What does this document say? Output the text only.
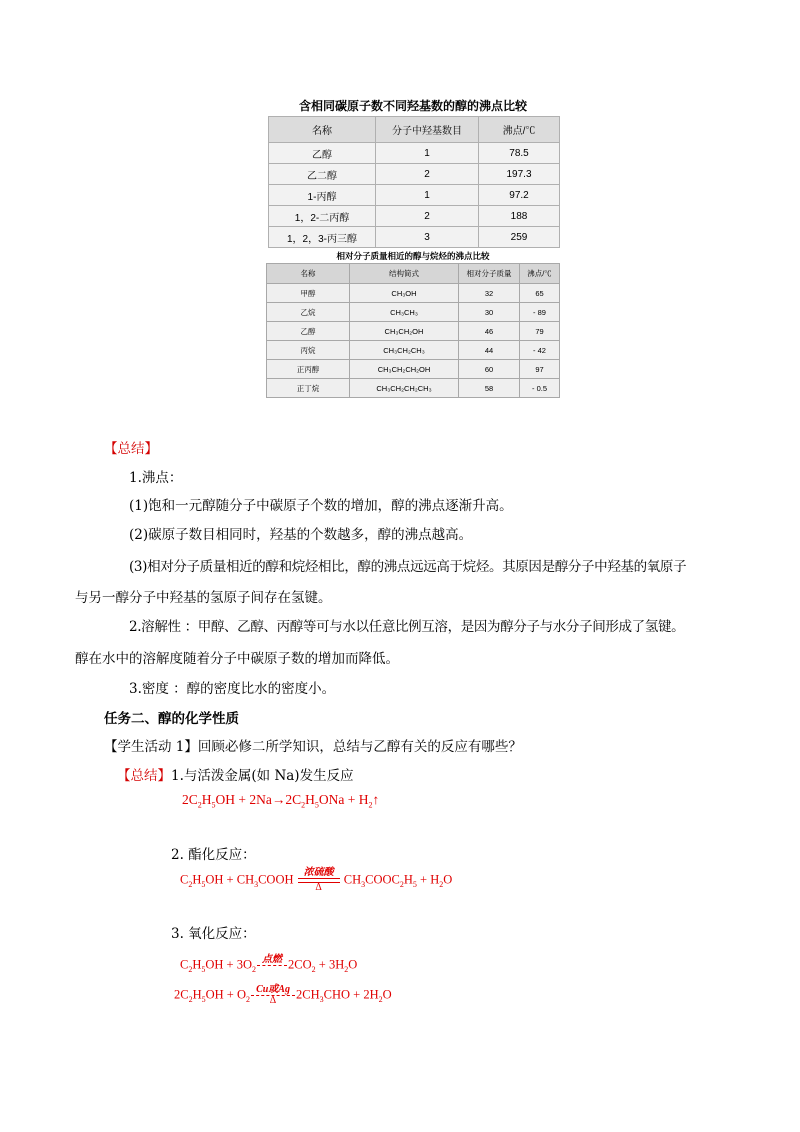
含相同碳原子数不同羟基数的醇的沸点比较
名称	分子中羟基数目	沸点/℃
乙醇	1	78.5
乙二醇	2	197.3
1-丙醇	1	97.2
1，2-二丙醇	2	188
1，2，3-丙三醇	3	259
相对分子质量相近的醇与烷烃的沸点比较
名称	结构简式	相对分子质量	沸点/℃
甲醇	CH₃OH	32	65
乙烷	CH₃CH₃	30	- 89
乙醇	CH₃CH₂OH	46	79
丙烷	CH₃CH₂CH₃	44	- 42
正丙醇	CH₃CH₂CH₂OH	60	97
正丁烷	CH₃CH₂CH₂CH₃	58	- 0.5
【总结】
1.沸点：
(1)饱和一元醇随分子中碳原子个数的增加，醇的沸点逐渐升高。
(2)碳原子数目相同时，羟基的个数越多，醇的沸点越高。
(3)相对分子质量相近的醇和烷烃相比，醇的沸点远远高于烷烃。其原因是醇分子中羟基的氧原子
与另一醇分子中羟基的氢原子间存在氢键。
2.溶解性 ：甲醇、乙醇、丙醇等可与水以任意比例互溶，是因为醇分子与水分子间形成了氢键。
醇在水中的溶解度随着分子中碳原子数的增加而降低。
3.密度 ：醇的密度比水的密度小。
任务二、醇的化学性质
【学生活动 1】回顾必修二所学知识，总结与乙醇有关的反应有哪些？
【总结】1.与活泼金属(如 Na)发生反应
$2C_2H_5OH + 2Na\to 2C_2H_5ONa$ + $H_2↑$
2. 酯化反应：
$C_2H_5OH$ + $CH_3COOH$ 浓硫酸
Δ
$CH_3COOC_2H_5 + H_2O$
3. 氧化反应：
$C_2H_5OH + 3O_2$
点燃
$2CO_2 + 3H_2O$
$2C_2H_5OH + O_2$
Cu或Ag
Δ	$2CH_3CHO + 2H_2O$
